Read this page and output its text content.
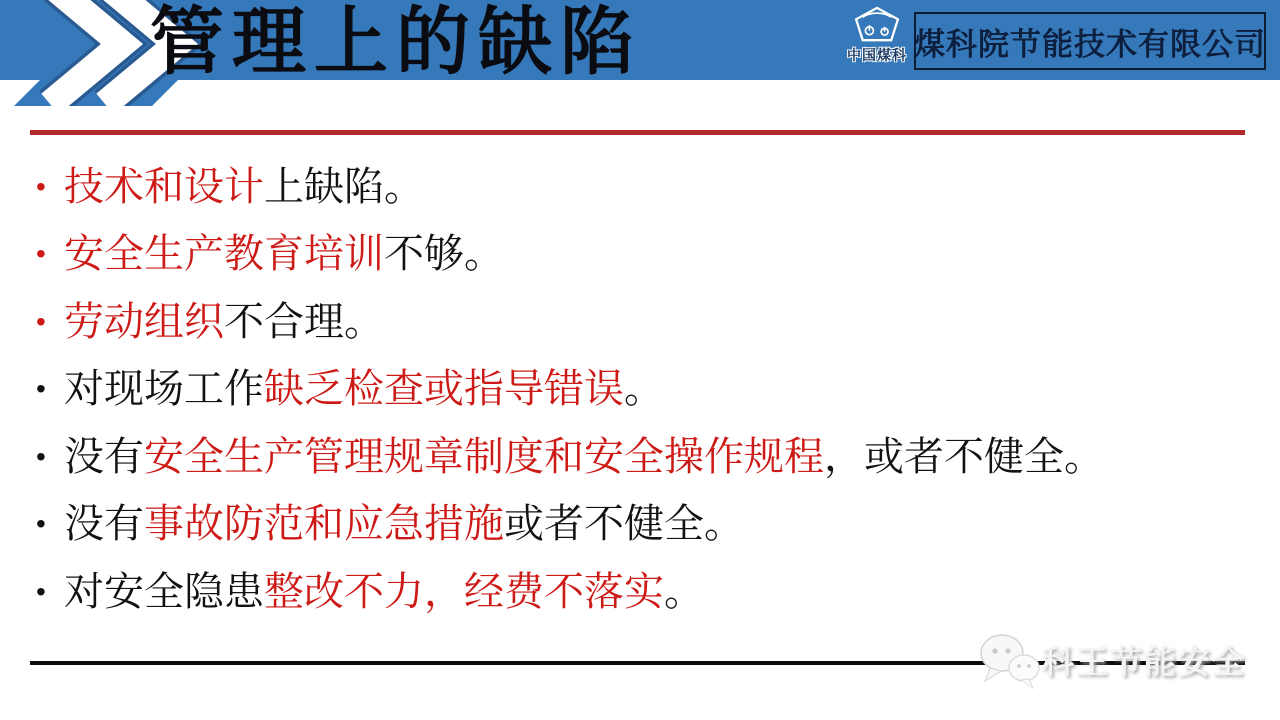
管理上的缺陷	中国煤科 煤科院节能技术有限公司
• 技术和设计上缺陷。
• 安全生产教育培训不够。
• 劳动组织不合理。
• 对现场工作缺乏检查或指导错误。
• 没有安全生产管理规章制度和安全操作规程，或者不健全。
• 没有事故防范和应急措施或者不健全。
• 对安全隐患整改不力，经费不落实。
科王节能安全
